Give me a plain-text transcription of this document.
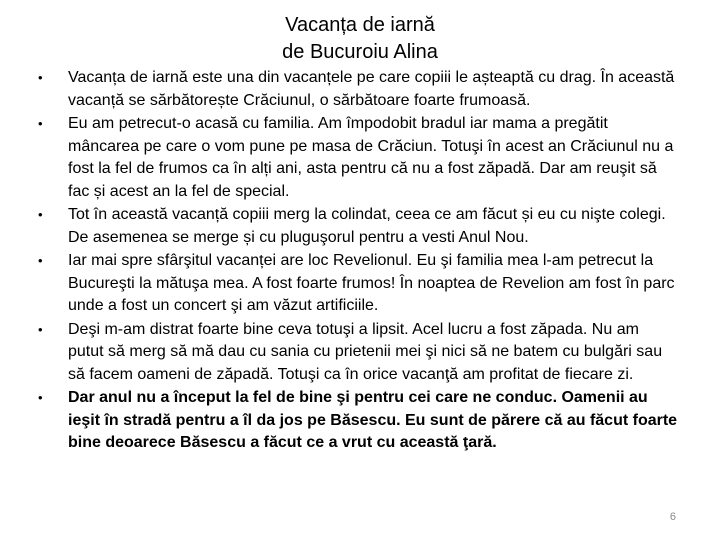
Vacanța de iarnă
de Bucuroiu Alina
•	Vacanța de iarnă este una din vacanțele pe care copiii le așteaptă cu drag. În această vacanță se sărbătorește Crăciunul, o sărbătoare foarte frumoasă.
•	Eu am petrecut-o acasă cu familia. Am împodobit bradul iar mama a pregătit mâncarea pe care o vom pune pe masa de Crăciun. Totuşi în acest an Crăciunul nu a fost la fel de frumos ca în alți ani, asta pentru că nu a fost zăpadă. Dar am reuşit să fac și acest an la fel de special.
•	Tot în această vacanță copiii merg la colindat, ceea ce am făcut și eu cu nişte colegi. De asemenea se merge și cu pluguşorul pentru a vesti Anul Nou.
•	Iar mai spre sfârşitul vacanței are loc Revelionul. Eu şi familia mea l-am petrecut la Bucureşti la mătuşa mea. A fost foarte frumos! În noaptea de Revelion am fost în parc unde a fost un concert şi am văzut artificiile.
•	Deşi m-am distrat foarte bine ceva totuşi a lipsit. Acel lucru a fost zăpada. Nu am putut să merg să mă dau cu sania cu prietenii mei şi nici să ne batem cu bulgări sau să facem oameni de zăpadă. Totuşi ca în orice vacanţă am profitat de fiecare zi.
•	Dar anul nu a început la fel de bine şi pentru cei care ne conduc. Oamenii au ieşit în stradă pentru a îl da jos pe Băsescu. Eu sunt de părere că au făcut foarte bine deoarece Băsescu a făcut ce a vrut cu această ţară.
6
